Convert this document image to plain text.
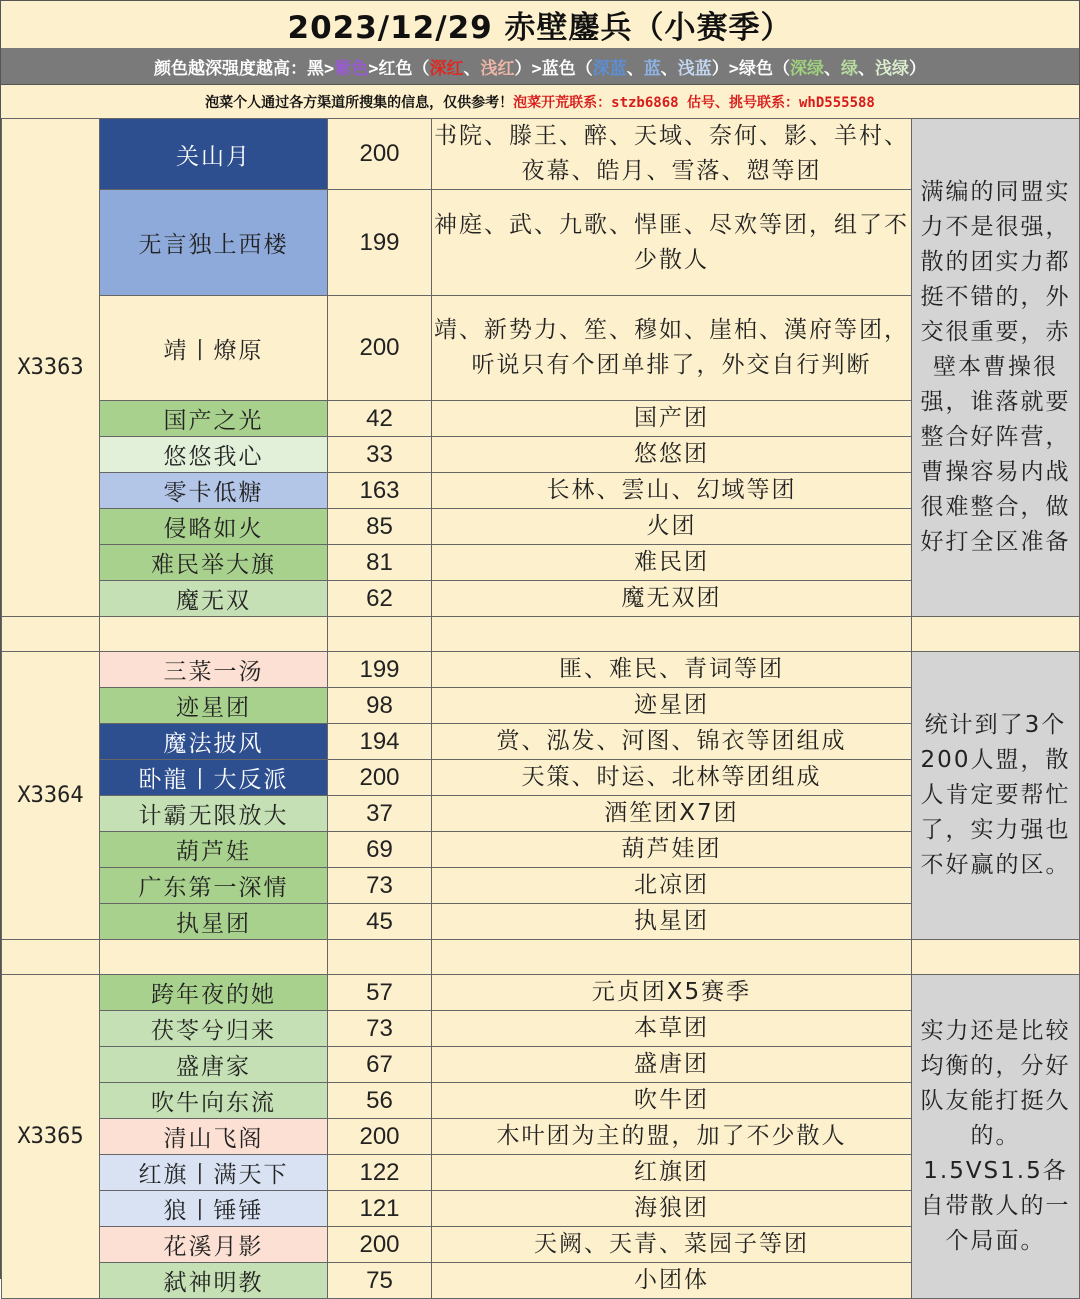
2023/12/29 赤壁鏖兵（小赛季）
颜色越深强度越高：黑> 紫色 >红色（ 深红 、 浅红 ）>蓝色（ 深蓝 、 蓝 、 浅蓝 ）>绿色（ 深绿 、 绿 、 浅绿 ）
泡菜个人通过各方渠道所搜集的信息，仅供参考！ 泡菜开荒联系：stzb6868 估号、挑号联系：whD555588
X3363	关山月	200	书院、滕王、醉、天域、奈何、影、羊村、夜幕、皓月、雪落、愬等团	满编的同盟实力不是很强，散的团实力都挺不错的，外交很重要，赤壁本曹操很强，谁落就要整合好阵营，曹操容易内战很难整合，做好打全区准备
	无言独上西楼	199	神庭、武、九歌、悍匪、尽欢等团，组了不少散人	
	靖丨燎原	200	靖、新势力、笙、穆如、崖柏、漢府等团，听说只有个团单排了，外交自行判断	
	国产之光	42	国产团	
	悠悠我心	33	悠悠团	
	零卡低糖	163	长林、雲山、幻域等团	
	侵略如火	85	火团	
	难民举大旗	81	难民团	
	魔无双	62	魔无双团	

X3364	三菜一汤	199	匪、难民、青词等团	统计到了3个200人盟，散人肯定要帮忙了，实力强也不好赢的区。
	迹星团	98	迹星团	
	魔法披风	194	赏、泓发、河图、锦衣等团组成	
	卧龍丨大反派	200	天策、时运、北林等团组成	
	计霸无限放大	37	酒笙团X7团	
	葫芦娃	69	葫芦娃团	
	广东第一深情	73	北凉团	
	执星团	45	执星团	

X3365	跨年夜的她	57	元贞团X5赛季	实力还是比较均衡的，分好队友能打挺久的。1.5VS1.5各自带散人的一个局面。
	茯苓兮归来	73	本草团	
	盛唐家	67	盛唐团	
	吹牛向东流	56	吹牛团	
	清山飞阁	200	木叶团为主的盟，加了不少散人	
	红旗丨满天下	122	红旗团	
	狼丨锤锤	121	海狼团	
	花溪月影	200	天阙、天青、菜园子等团	
	弑神明教	75	小团体	
